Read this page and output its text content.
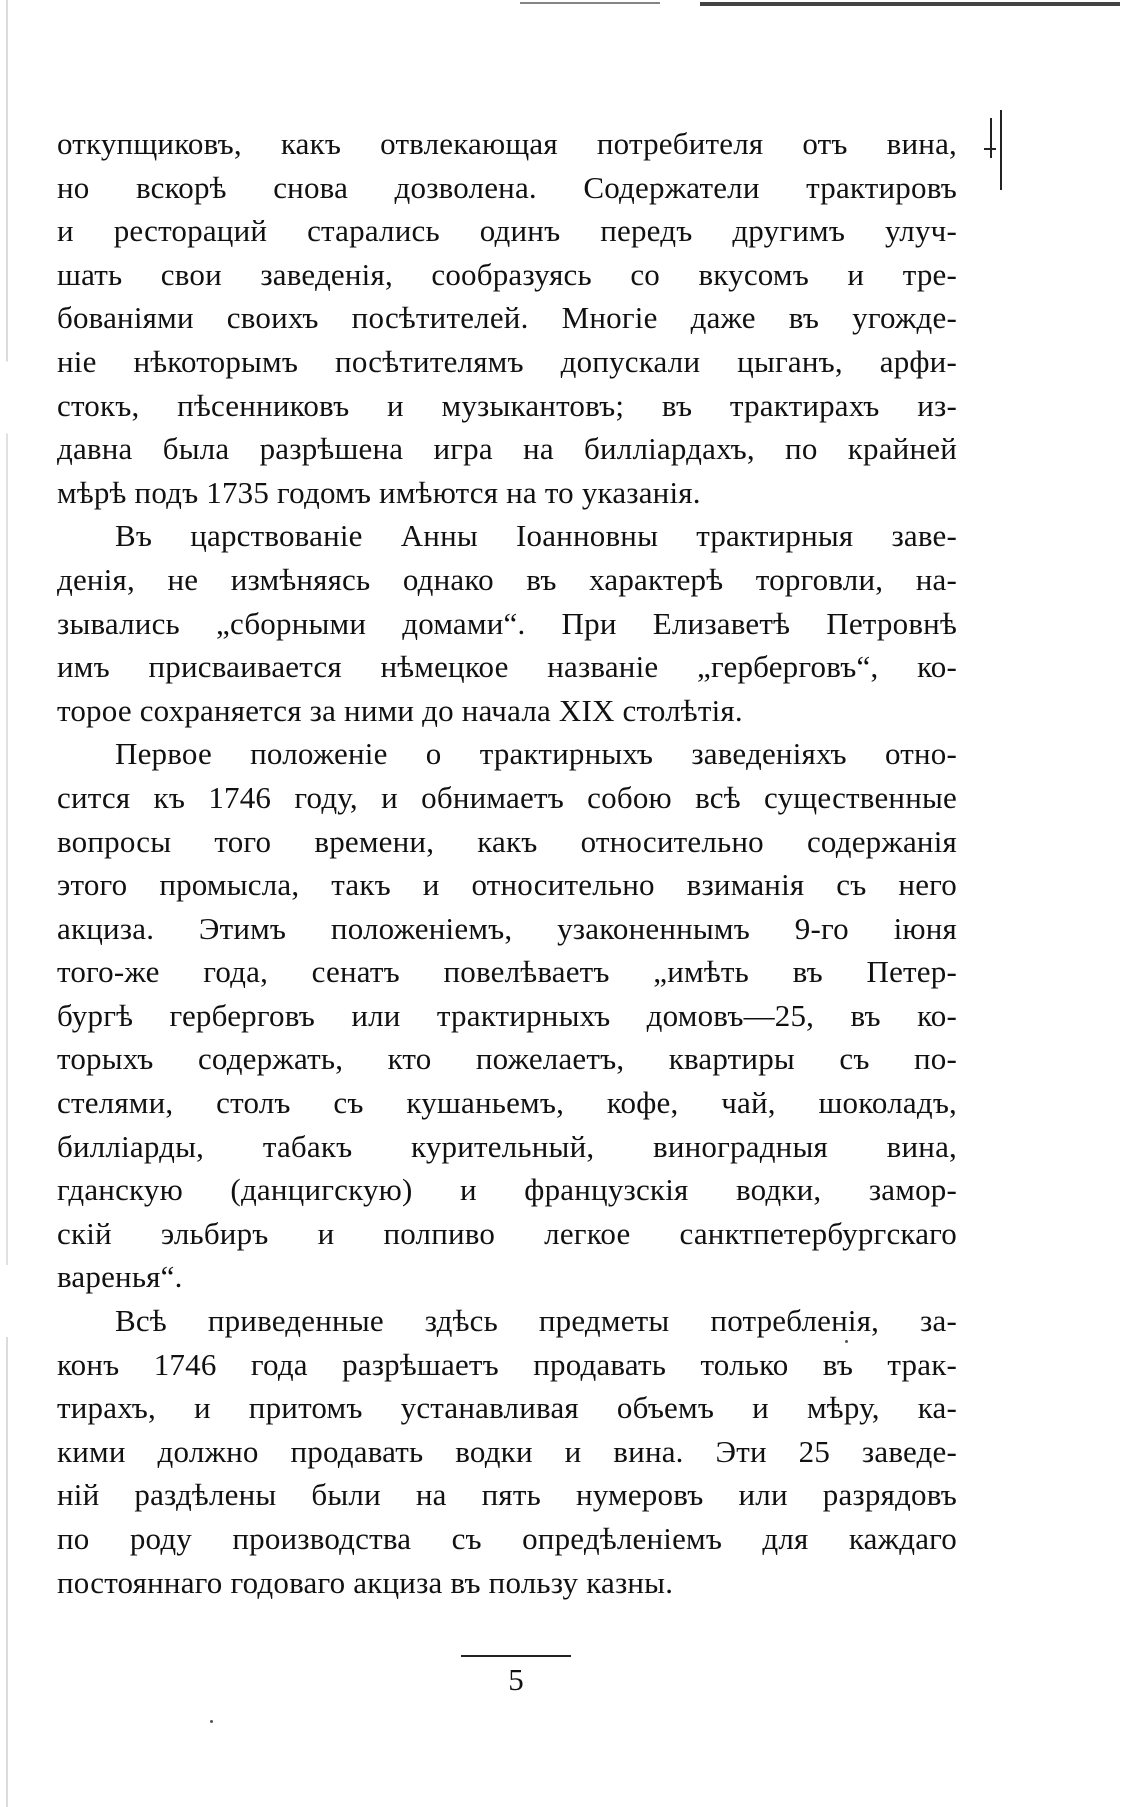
откупщиковъ, какъ отвлекающая потребителя отъ вина,
но вскорѣ снова дозволена. Содержатели трактировъ
и рестораций старались одинъ передъ другимъ улуч-
шать свои заведенія, сообразуясь со вкусомъ и тре-
бованіями своихъ посѣтителей. Многіе даже въ угожде-
ніе нѣкоторымъ посѣтителямъ допускали цыганъ, арфи-
стокъ, пѣсенниковъ и музыкантовъ; въ трактирахъ из-
давна была разрѣшена игра на билліардахъ, по крайней
мѣрѣ подъ 1735 годомъ имѣются на то указанія.
Въ царствованіе Анны Іоанновны трактирныя заве-
денія, не измѣняясь однако въ характерѣ торговли, на-
зывались „сборными домами“. При Елизаветѣ Петровнѣ
имъ присваивается нѣмецкое названіе „герберговъ“, ко-
торое сохраняется за ними до начала XIX столѣтія.
Первое положеніе о трактирныхъ заведеніяхъ отно-
сится къ 1746 году, и обнимаетъ собою всѣ существенные
вопросы того времени, какъ относительно содержанія
этого промысла, такъ и относительно взиманія съ него
акциза. Этимъ положеніемъ, узаконеннымъ 9-го іюня
того-же года, сенатъ повелѣваетъ „имѣть въ Петер-
бургѣ герберговъ или трактирныхъ домовъ—25, въ ко-
торыхъ содержать, кто пожелаетъ, квартиры съ по-
стелями, столъ съ кушаньемъ, кофе, чай, шоколадъ,
билліарды, табакъ курительный, виноградныя вина,
гданскую (данцигскую) и французскія водки, замор-
скій эльбиръ и полпиво легкое санктпетербургскаго
варенья“.
Всѣ приведенные здѣсь предметы потребленія, за-
конъ 1746 года разрѣшаетъ продавать только въ трак-
тирахъ, и притомъ устанавливая объемъ и мѣру, ка-
кими должно продавать водки и вина. Эти 25 заведе-
ній раздѣлены были на пять нумеровъ или разрядовъ
по роду производства съ опредѣленіемъ для каждаго
постояннаго годоваго акциза въ пользу казны.
5
